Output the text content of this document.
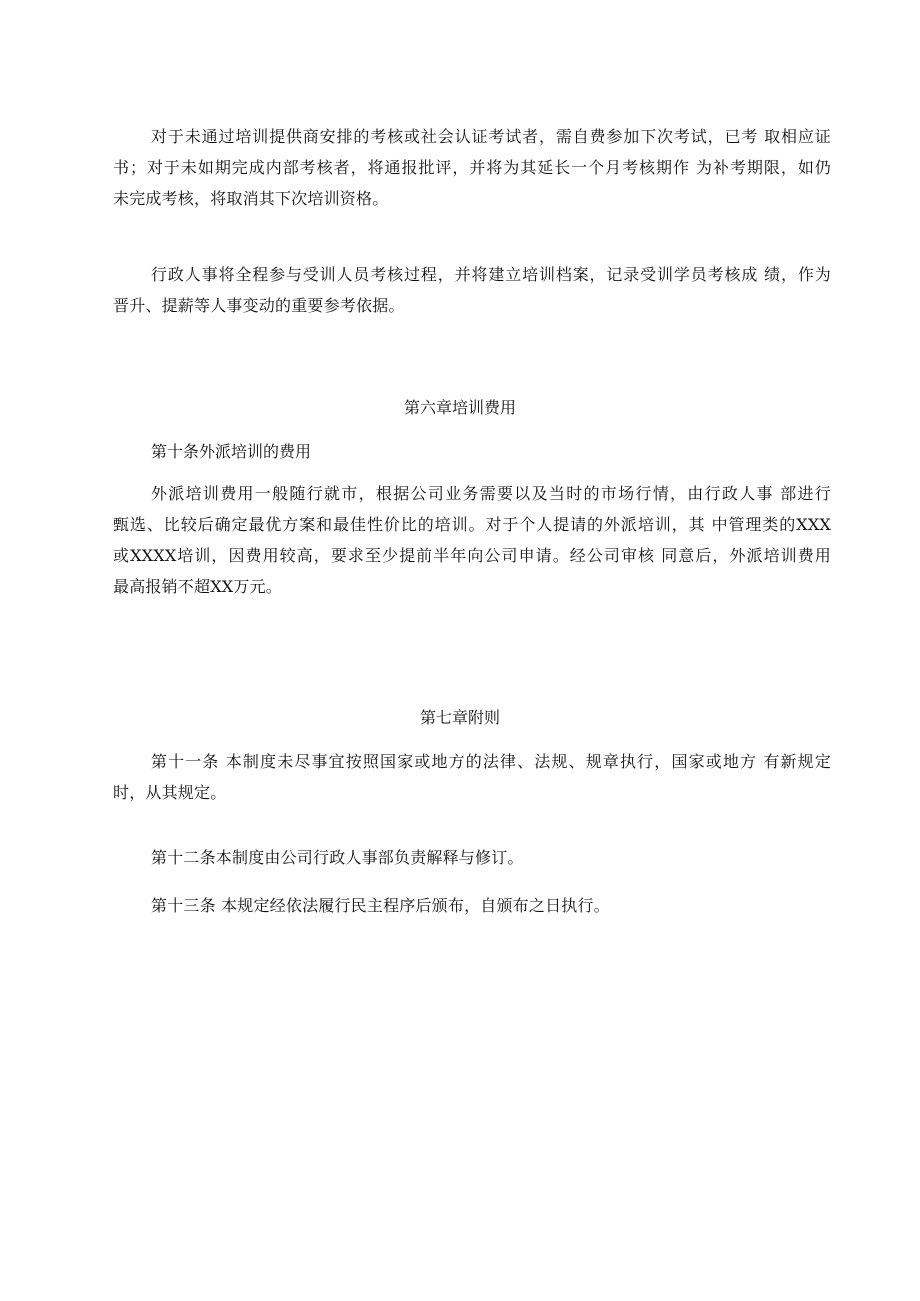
对于未通过培训提供商安排的考核或社会认证考试者，需自费参加下次考试，已考 取相应证
书；对于未如期完成内部考核者，将通报批评，并将为其延长一个月考核期作 为补考期限，如仍
未完成考核，将取消其下次培训资格。

行政人事将全程参与受训人员考核过程，并将建立培训档案，记录受训学员考核成 绩，作为
晋升、提薪等人事变动的重要参考依据。

第六章培训费用
第十条外派培训的费用

外派培训费用一般随行就市，根据公司业务需要以及当时的市场行情，由行政人事 部进行
甄选、比较后确定最优方案和最佳性价比的培训。对于个人提请的外派培训，其 中管理类的XXX
或XXXX培训，因费用较高，要求至少提前半年向公司申请。经公司审核 同意后，外派培训费用
最高报销不超XX万元。

第七章附则

第十一条 本制度未尽事宜按照国家或地方的法律、法规、规章执行，国家或地方 有新规定
时，从其规定。

第十二条本制度由公司行政人事部负责解释与修订。

第十三条 本规定经依法履行民主程序后颁布，自颁布之日执行。
